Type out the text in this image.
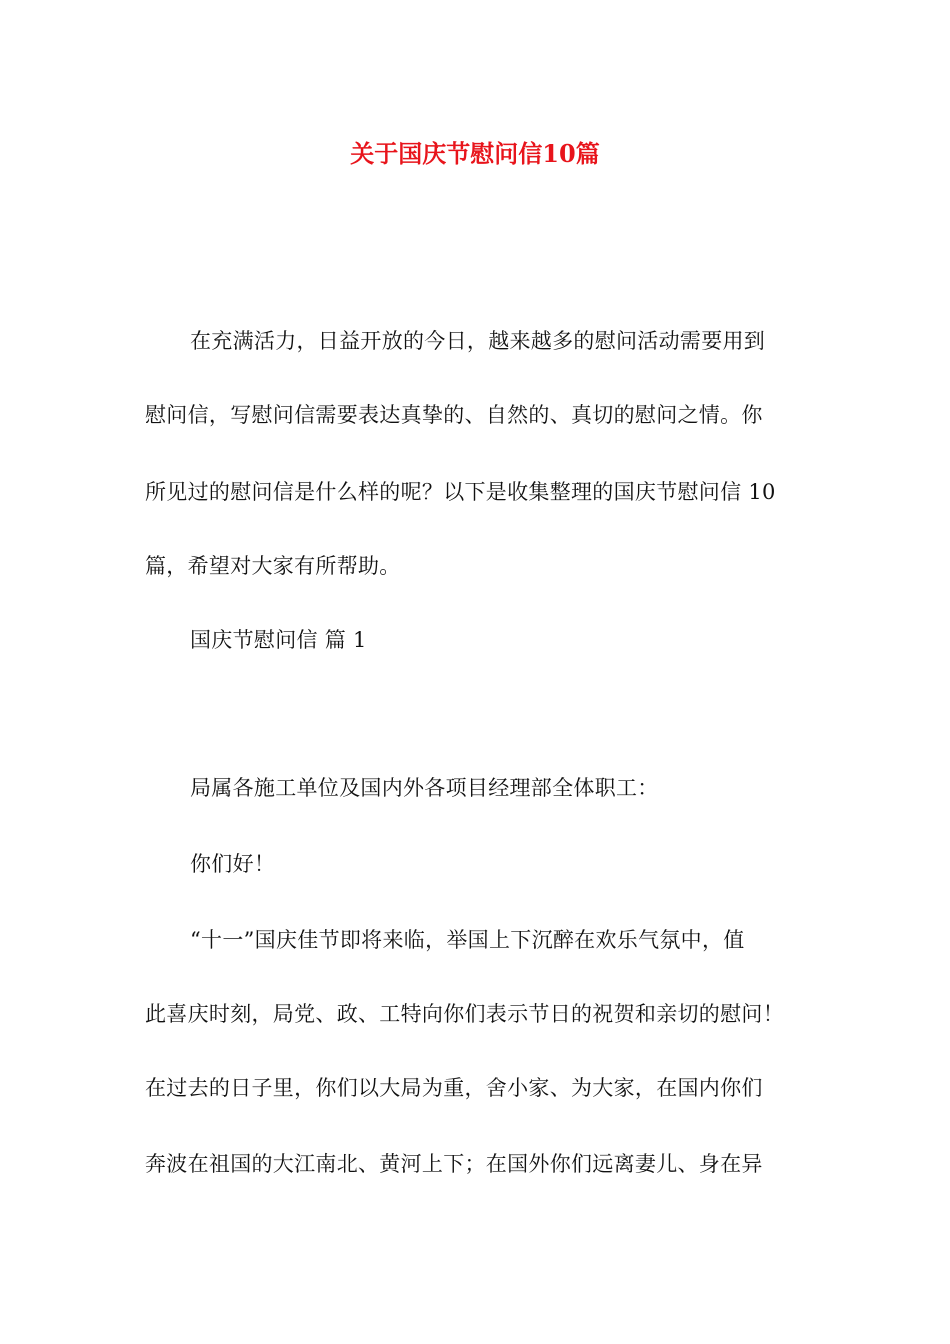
关于国庆节慰问信10篇
在充满活力，日益开放的今日，越来越多的慰问活动需要用到
慰问信，写慰问信需要表达真挚的、自然的、真切的慰问之情。你
所见过的慰问信是什么样的呢？以下是收集整理的国庆节慰问信 10
篇，希望对大家有所帮助。
国庆节慰问信 篇 1
局属各施工单位及国内外各项目经理部全体职工：
你们好！
“十一”国庆佳节即将来临，举国上下沉醉在欢乐气氛中，值
此喜庆时刻，局党、政、工特向你们表示节日的祝贺和亲切的慰问！
在过去的日子里，你们以大局为重，舍小家、为大家，在国内你们
奔波在祖国的大江南北、黄河上下；在国外你们远离妻儿、身在异
